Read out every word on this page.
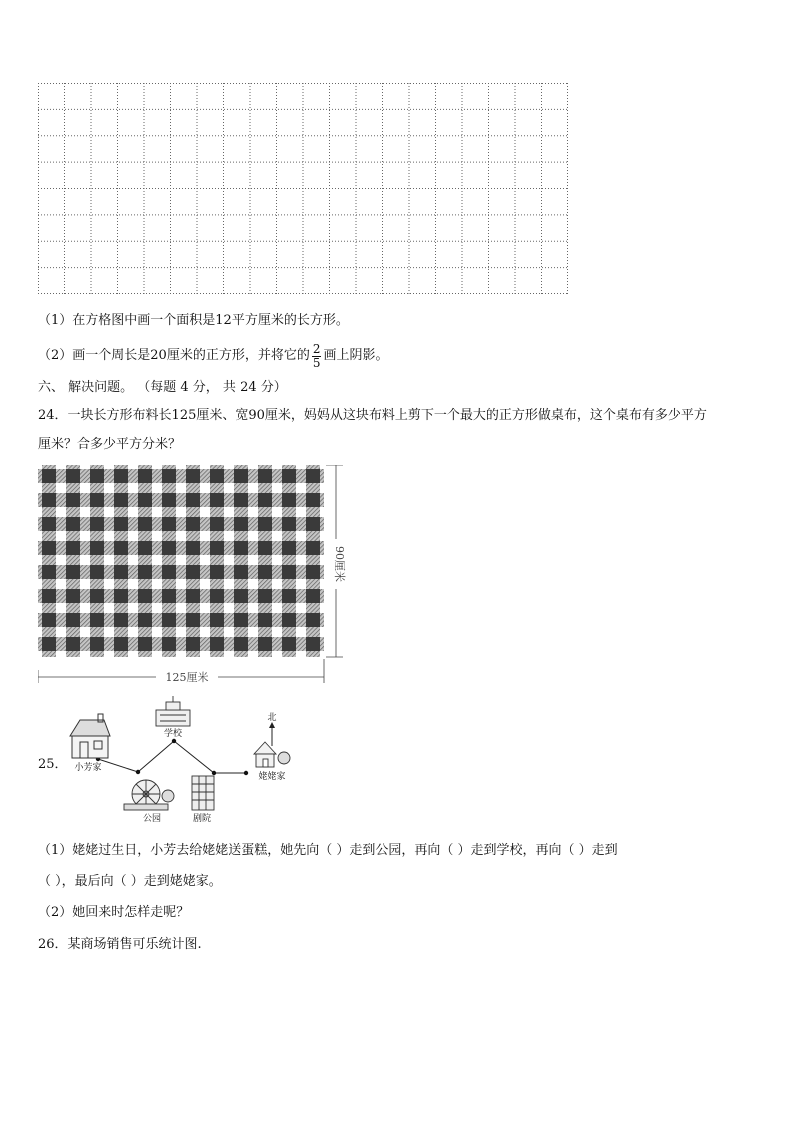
（1）在方格图中画一个面积是12平方厘米的长方形。
（2）画一个周长是20厘米的正方形，并将它的 $\frac{2}{5}$ 画上阴影。
六、 解决问题。 （每题 4 分， 共 24 分）
24．一块长方形布料长125厘米、宽90厘米，妈妈从这块布料上剪下一个最大的正方形做桌布，这个桌布有多少平方
厘米？合多少平方分米？
125厘米
90厘米
25． 小芳家
学校
北
姥姥家
公园	剧院
（1）姥姥过生日，小芳去给姥姥送蛋糕，她先向（ ）走到公园，再向（ ）走到学校，再向（ ）走到
（ ），最后向（ ）走到姥姥家。
（2）她回来时怎样走呢？
26．某商场销售可乐统计图.
